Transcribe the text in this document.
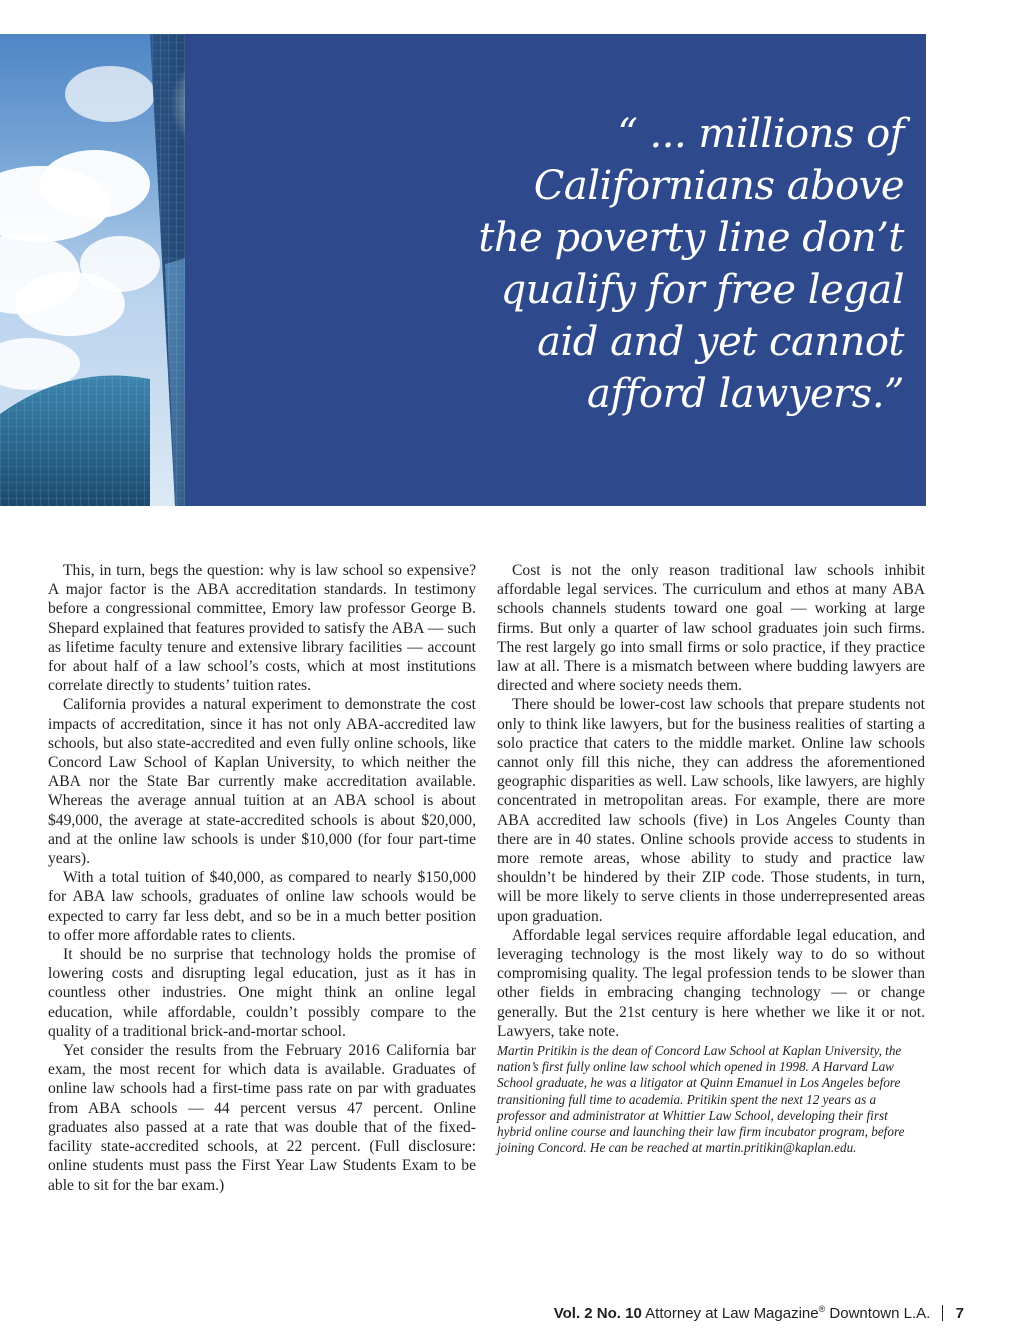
“ ... millions of
Californians above
the poverty line don’t
qualify for free legal
aid and yet cannot
afford lawyers.”

This, in turn, begs the question: why is law school so expensive? A major factor is the ABA accreditation standards. In testimony before a congressional committee, Emory law professor George B. Shepard explained that features provided to satisfy the ABA — such as lifetime faculty tenure and extensive library facilities — account for about half of a law school’s costs, which at most institutions correlate directly to students’ tuition rates.

California provides a natural experiment to demonstrate the cost impacts of accreditation, since it has not only ABA-accredited law schools, but also state-accredited and even fully online schools, like Concord Law School of Kaplan University, to which neither the ABA nor the State Bar currently make accreditation available. Whereas the average annual tuition at an ABA school is about $49,000, the average at state-accredited schools is about $20,000, and at the online law schools is under $10,000 (for four part-time years).

With a total tuition of $40,000, as compared to nearly $150,000 for ABA law schools, graduates of online law schools would be expected to carry far less debt, and so be in a much better position to offer more affordable rates to clients.

It should be no surprise that technology holds the promise of lowering costs and disrupting legal education, just as it has in countless other industries. One might think an online legal education, while affordable, couldn’t possibly compare to the quality of a traditional brick-and-mortar school.

Yet consider the results from the February 2016 California bar exam, the most recent for which data is available. Graduates of online law schools had a first-time pass rate on par with graduates from ABA schools — 44 percent versus 47 percent. Online graduates also passed at a rate that was double that of the fixed-facility state-accredited schools, at 22 percent. (Full disclosure: online students must pass the First Year Law Students Exam to be able to sit for the bar exam.)

Cost is not the only reason traditional law schools inhibit affordable legal services. The curriculum and ethos at many ABA schools channels students toward one goal — working at large firms. But only a quarter of law school graduates join such firms. The rest largely go into small firms or solo practice, if they practice law at all. There is a mismatch between where budding lawyers are directed and where society needs them.

There should be lower-cost law schools that prepare students not only to think like lawyers, but for the business realities of starting a solo practice that caters to the middle market. Online law schools cannot only fill this niche, they can address the aforementioned geographic disparities as well. Law schools, like lawyers, are highly concentrated in metropolitan areas. For example, there are more ABA accredited law schools (five) in Los Angeles County than there are in 40 states. Online schools provide access to students in more remote areas, whose ability to study and practice law shouldn’t be hindered by their ZIP code. Those students, in turn, will be more likely to serve clients in those underrepresented areas upon graduation.

Affordable legal services require affordable legal education, and leveraging technology is the most likely way to do so without compromising quality. The legal profession tends to be slower than other fields in embracing changing technology — or change generally. But the 21st century is here whether we like it or not. Lawyers, take note.

Martin Pritikin is the dean of Concord Law School at Kaplan University, the nation’s first fully online law school which opened in 1998. A Harvard Law School graduate, he was a litigator at Quinn Emanuel in Los Angeles before transitioning full time to academia. Pritikin spent the next 12 years as a professor and administrator at Whittier Law School, developing their first hybrid online course and launching their law firm incubator program, before joining Concord. He can be reached at martin.pritikin@kaplan.edu.

Vol. 2 No. 10 Attorney at Law Magazine® Downtown L.A. 7
